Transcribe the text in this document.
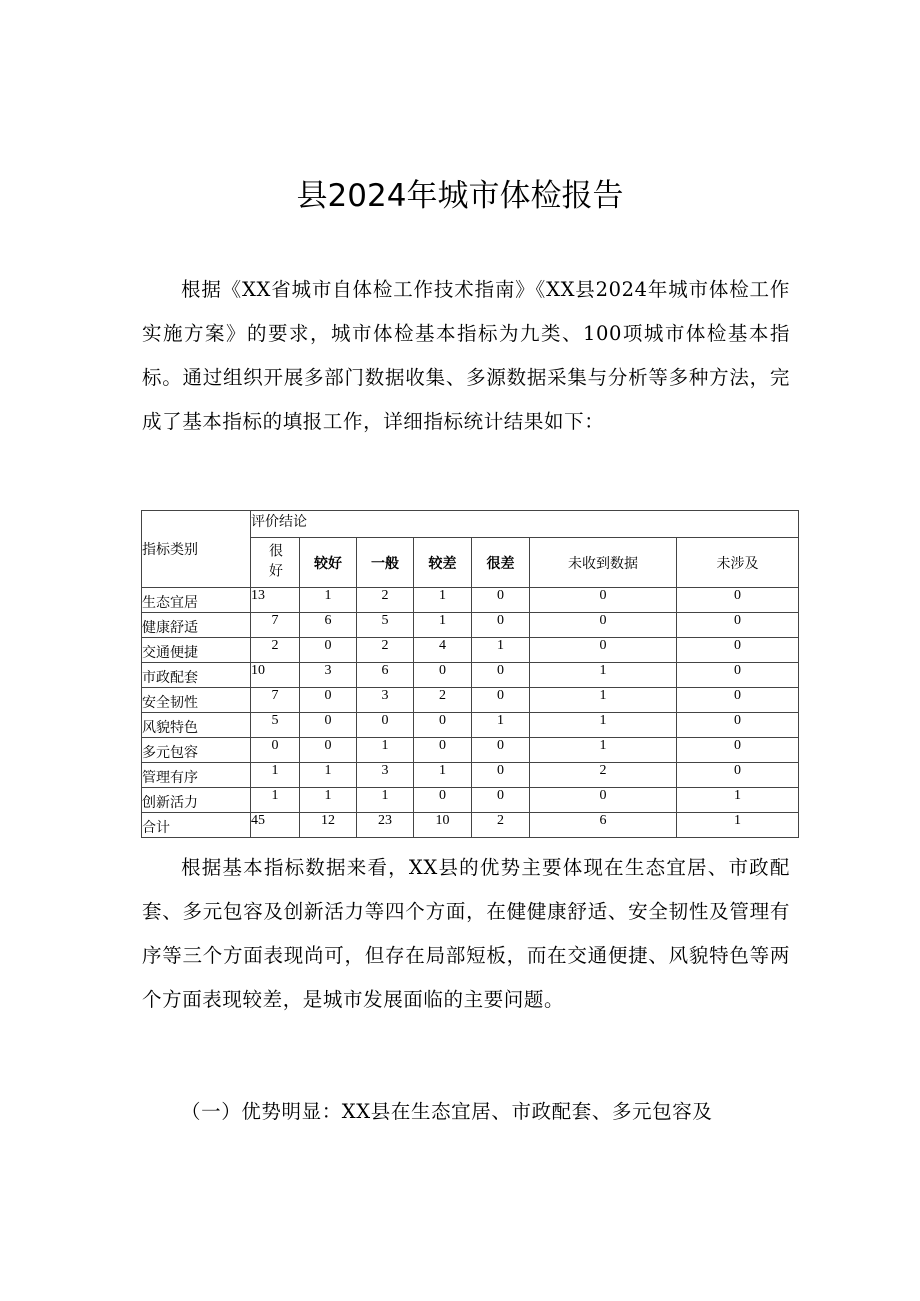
县2024年城市体检报告
根据《XX省城市自体检工作技术指南》《XX县2024年城市体检工作实施方案》的要求，城市体检基本指标为九类、100项城市体检基本指标。通过组织开展多部门数据收集、多源数据采集与分析等多种方法，完成了基本指标的填报工作，详细指标统计结果如下：
指标类别	评价结论						
	很好	较好	一般	较差	很差	未收到数据	未涉及
生态宜居	13	1	2	1	0	0	0
健康舒适	7	6	5	1	0	0	0
交通便捷	2	0	2	4	1	0	0
市政配套	10	3	6	0	0	1	0
安全韧性	7	0	3	2	0	1	0
风貌特色	5	0	0	0	1	1	0
多元包容	0	0	1	0	0	1	0
管理有序	1	1	3	1	0	2	0
创新活力	1	1	1	0	0	0	1
合计	45	12	23	10	2	6	1
根据基本指标数据来看，XX县的优势主要体现在生态宜居、市政配套、多元包容及创新活力等四个方面，在健健康舒适、安全韧性及管理有序等三个方面表现尚可，但存在局部短板，而在交通便捷、风貌特色等两个方面表现较差，是城市发展面临的主要问题。
（一）优势明显：XX县在生态宜居、市政配套、多元包容及
